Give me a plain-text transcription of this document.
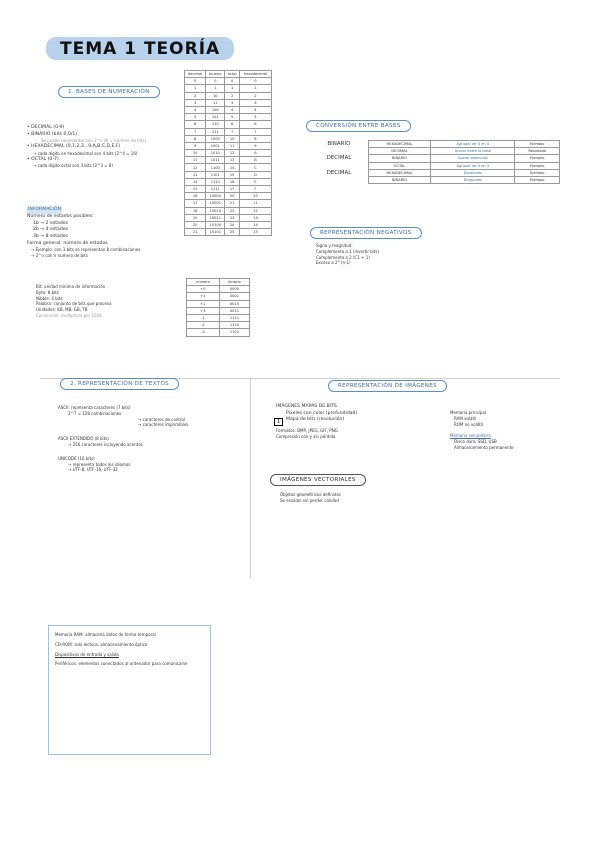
TEMA 1 TEORÍA
1. BASES DE NUMERACIÓN
• DECIMAL (0-9)
• BINARIO (bits 0,0/1)
Se puede representar con 2^n (N = número de bits)
• HEXADECIMAL (0,1,2,3...9,A,B,C,D,E,F)
→ cada dígito en hexadecimal son 4 bits (2^4 = 16)
• OCTAL (0-7)
→ cada dígito octal son 3 bits (2^3 = 8)
INFORMACIÓN
Número de estados posibles:
1b → 2 estados
2b → 4 estados
3b → 8 estados
Forma general: número de estados
→ Ejemplo: con 3 bits se representan 8 combinaciones
→ 2^n con n número de bits
decimal	binario	octal	hexadecimal
0	0	0	0
1	1	1	1
2	10	2	2
3	11	3	3
4	100	4	4
5	101	5	5
6	110	6	6
7	111	7	7
8	1000	10	8
9	1001	11	9
10	1010	12	A
11	1011	13	B
12	1100	14	C
13	1101	15	D
14	1110	16	E
15	1111	17	F
16	10000	20	10
17	10001	21	11
18	10010	22	12
19	10011	23	13
20	10100	24	14
21	10101	25	15
CONVERSIÓN ENTRE BASES
BINARIO	HEXADECIMAL	Agrupar de 4 en 4	Ejemplo
	DECIMAL	Dividir entre la base	Resultado
DECIMAL	BINARIO	Sumar potencias	Ejemplo
	OCTAL	Agrupar de 3 en 3	Ejemplo
DECIMAL	HEXADECIMAL	Divisiones	Ejemplo
	BINARIO	Divisiones	Ejemplo
REPRESENTACIÓN NEGATIVOS
Signo y magnitud:
Complemento a 1 (invertir bits)
Complemento a 2 (C1 + 1)
Exceso a 2^(n-1)
Bit: unidad mínima de información
Byte: 8 bits
Nibble: 4 bits
Palabra: conjunto de bits que procesa
Unidades: KB, MB, GB, TB
Conversión: multiplicar por 1024
número	binario
+0	0000
+1	0001
+2	0010
+3	0011
-1	1111
-2	1110
-3	1101
2. REPRESENTACIÓN DE TEXTOS
ASCII: representa caracteres (7 bits)
2^7 = 128 combinaciones
→ caracteres de control
→ caracteres imprimibles
ASCII EXTENDIDO (8 bits)
→ 256 caracteres incluyendo acentos
UNICODE (16 bits)
→ representa todos los idiomas
→ UTF-8, UTF-16, UTF-32
REPRESENTACIÓN DE IMÁGENES
IMÁGENES MAPAS DE BITS
Píxeles con color (profundidad)
Mapa de bits (resolución)
Formatos: BMP, JPEG, GIF, PNG
Compresión con y sin pérdida
1
IMÁGENES VECTORIALES
Objetos geométricos definidos
Se escalan sin perder calidad
Memoria principal
RAM volátil
ROM no volátil
Memoria secundaria
Disco duro, SSD, USB
Almacenamiento permanente
Memoria RAM: almacena datos de forma temporal
CD-ROM: solo lectura, almacenamiento óptico
Dispositivos de entrada y salida
Periféricos: elementos conectados al ordenador para comunicarse
